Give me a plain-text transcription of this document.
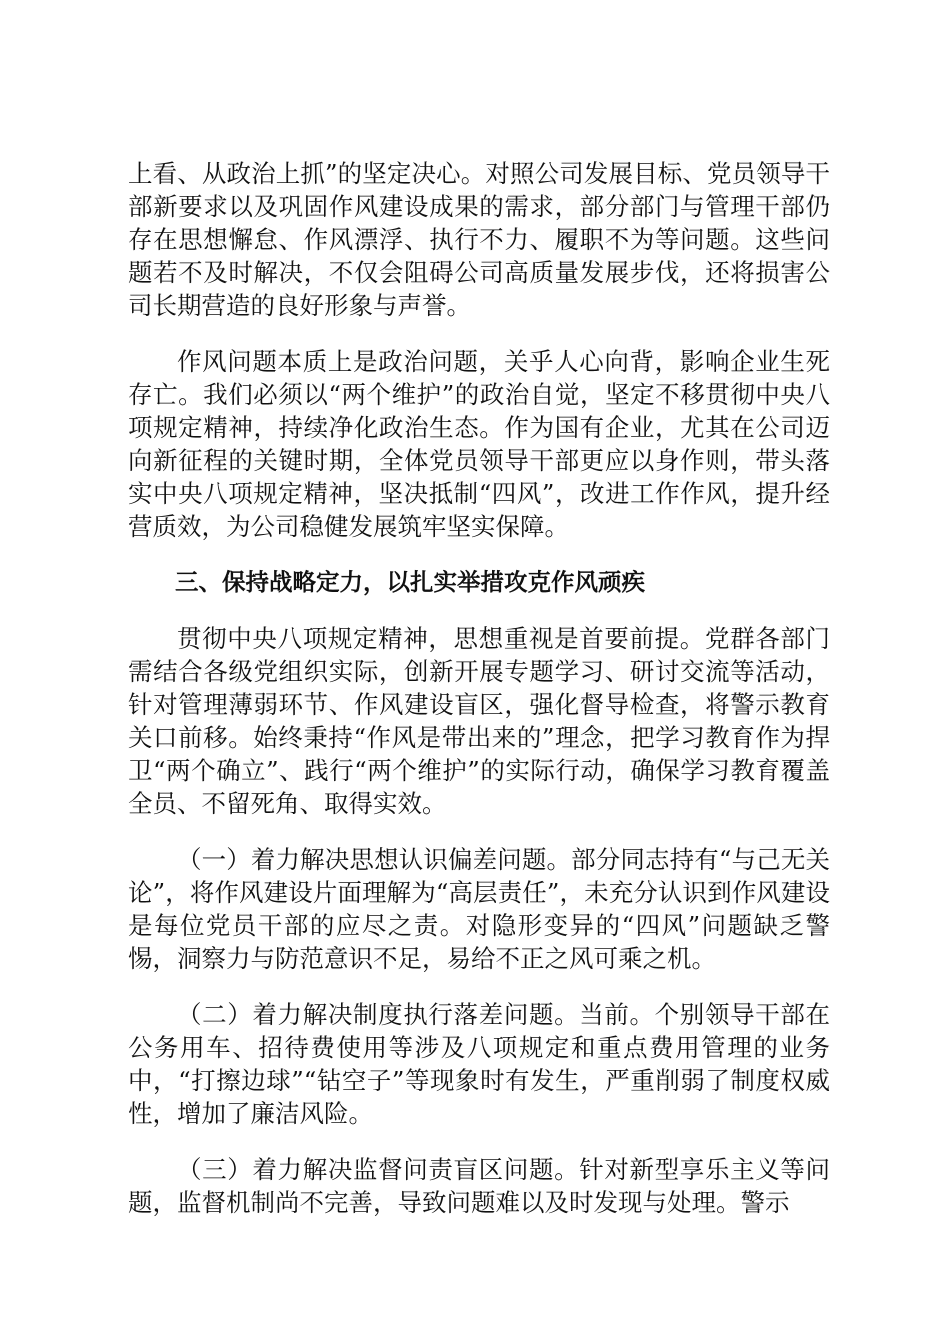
上看、从政治上抓”的坚定决心。对照公司发展目标、党员领导干部新要求以及巩固作风建设成果的需求，部分部门与管理干部仍存在思想懈怠、作风漂浮、执行不力、履职不为等问题。这些问题若不及时解决，不仅会阻碍公司高质量发展步伐，还将损害公司长期营造的良好形象与声誉。

作风问题本质上是政治问题，关乎人心向背，影响企业生死存亡。我们必须以“两个维护”的政治自觉，坚定不移贯彻中央八项规定精神，持续净化政治生态。作为国有企业，尤其在公司迈向新征程的关键时期，全体党员领导干部更应以身作则，带头落实中央八项规定精神，坚决抵制“四风”，改进工作作风，提升经营质效，为公司稳健发展筑牢坚实保障。

三、保持战略定力，以扎实举措攻克作风顽疾

贯彻中央八项规定精神，思想重视是首要前提。党群各部门需结合各级党组织实际，创新开展专题学习、研讨交流等活动，针对管理薄弱环节、作风建设盲区，强化督导检查，将警示教育关口前移。始终秉持“作风是带出来的”理念，把学习教育作为捍卫“两个确立”、践行“两个维护”的实际行动，确保学习教育覆盖全员、不留死角、取得实效。

（一）着力解决思想认识偏差问题。部分同志持有“与己无关论”，将作风建设片面理解为“高层责任”，未充分认识到作风建设是每位党员干部的应尽之责。对隐形变异的“四风”问题缺乏警惕，洞察力与防范意识不足，易给不正之风可乘之机。

（二）着力解决制度执行落差问题。当前。个别领导干部在公务用车、招待费使用等涉及八项规定和重点费用管理的业务中，“打擦边球”“钻空子”等现象时有发生，严重削弱了制度权威性，增加了廉洁风险。

（三）着力解决监督问责盲区问题。针对新型享乐主义等问题，监督机制尚不完善，导致问题难以及时发现与处理。警示
